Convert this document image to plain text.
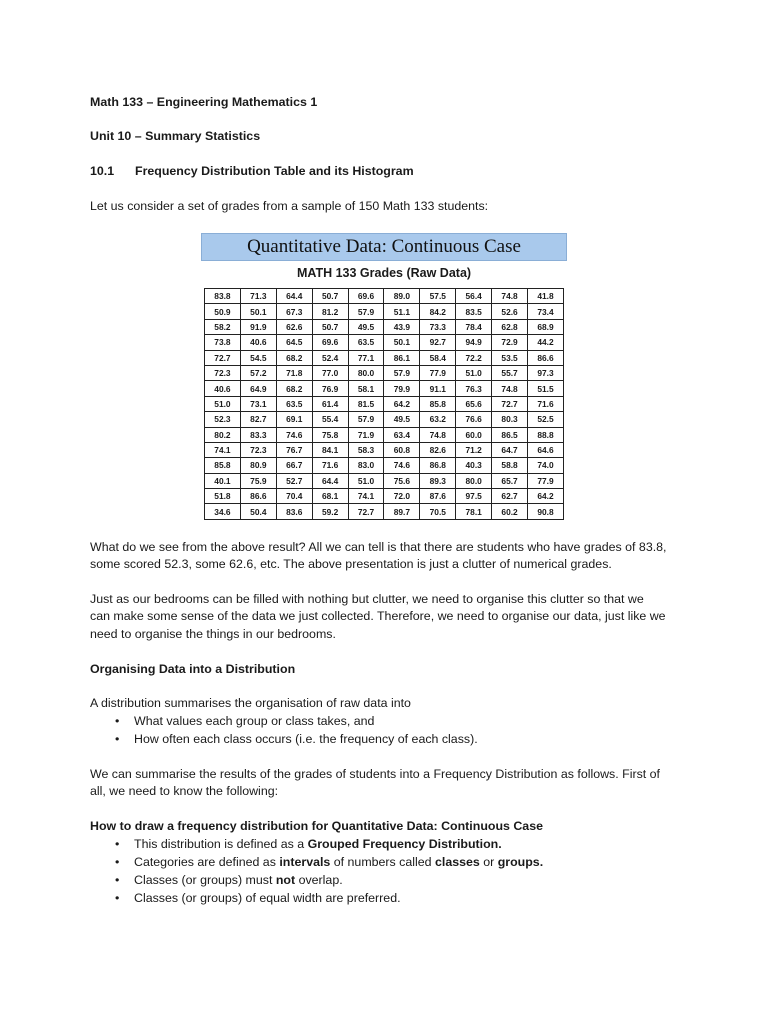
Math 133 – Engineering Mathematics 1
Unit 10 – Summary Statistics
10.1 Frequency Distribution Table and its Histogram
Let us consider a set of grades from a sample of 150 Math 133 students:
What do we see from the above result? All we can tell is that there are students who have grades of 83.8,
some scored 52.3, some 62.6, etc. The above presentation is just a clutter of numerical grades.
Just as our bedrooms can be filled with nothing but clutter, we need to organise this clutter so that we
can make some sense of the data we just collected. Therefore, we need to organise our data, just like we
need to organise the things in our bedrooms.
Organising Data into a Distribution
A distribution summarises the organisation of raw data into
• What values each group or class takes, and
• How often each class occurs (i.e. the frequency of each class).
We can summarise the results of the grades of students into a Frequency Distribution as follows. First of
all, we need to know the following:
How to draw a frequency distribution for Quantitative Data: Continuous Case
• This distribution is defined as a Grouped Frequency Distribution.
• Categories are defined as intervals of numbers called classes or groups.
• Classes (or groups) must not overlap.
• Classes (or groups) of equal width are preferred.
Quantitative Data: Continuous Case
MATH 133 Grades (Raw Data)
83.8	71.3	64.4	50.7	69.6	89.0	57.5	56.4	74.8	41.8
50.9	50.1	67.3	81.2	57.9	51.1	84.2	83.5	52.6	73.4
58.2	91.9	62.6	50.7	49.5	43.9	73.3	78.4	62.8	68.9
73.8	40.6	64.5	69.6	63.5	50.1	92.7	94.9	72.9	44.2
72.7	54.5	68.2	52.4	77.1	86.1	58.4	72.2	53.5	86.6
72.3	57.2	71.8	77.0	80.0	57.9	77.9	51.0	55.7	97.3
40.6	64.9	68.2	76.9	58.1	79.9	91.1	76.3	74.8	51.5
51.0	73.1	63.5	61.4	81.5	64.2	85.8	65.6	72.7	71.6
52.3	82.7	69.1	55.4	57.9	49.5	63.2	76.6	80.3	52.5
80.2	83.3	74.6	75.8	71.9	63.4	74.8	60.0	86.5	88.8
74.1	72.3	76.7	84.1	58.3	60.8	82.6	71.2	64.7	64.6
85.8	80.9	66.7	71.6	83.0	74.6	86.8	40.3	58.8	74.0
40.1	75.9	52.7	64.4	51.0	75.6	89.3	80.0	65.7	77.9
51.8	86.6	70.4	68.1	74.1	72.0	87.6	97.5	62.7	64.2
34.6	50.4	83.6	59.2	72.7	89.7	70.5	78.1	60.2	90.8
